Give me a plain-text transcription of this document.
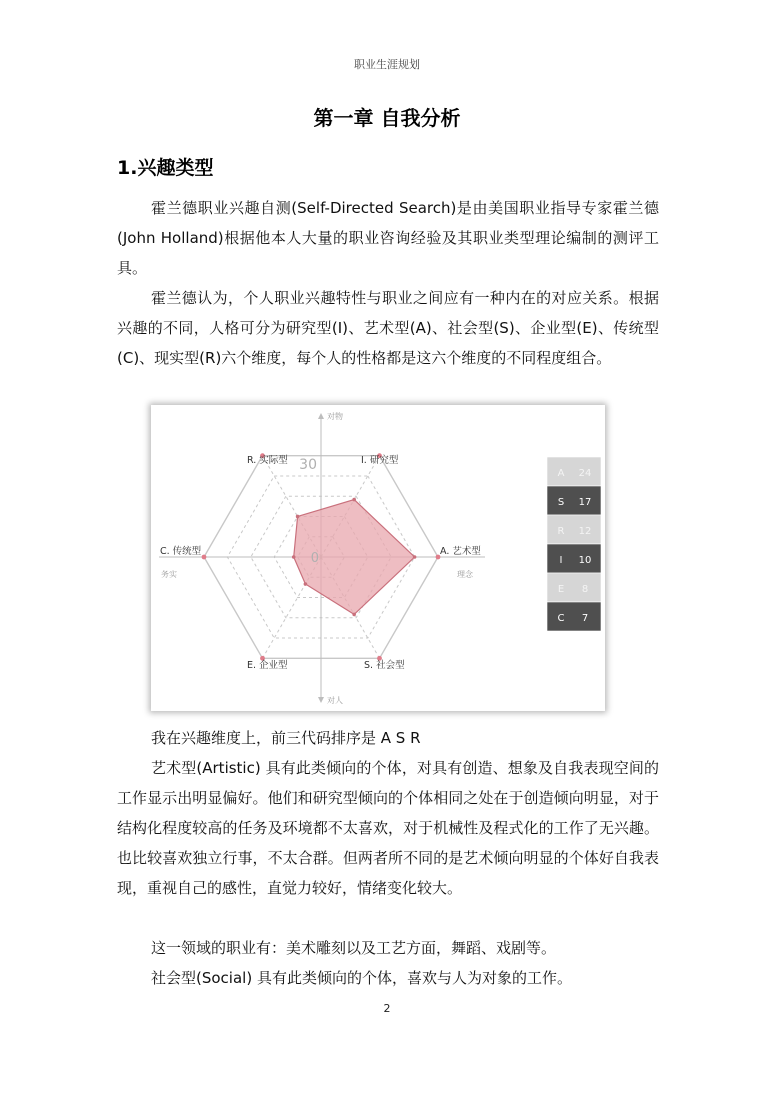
职业生涯规划
第一章 自我分析
1.兴趣类型
霍兰德职业兴趣自测(Self-Directed Search)是由美国职业指导专家霍兰德(John Holland)根据他本人大量的职业咨询经验及其职业类型理论编制的测评工具。
霍兰德认为，个人职业兴趣特性与职业之间应有一种内在的对应关系。根据兴趣的不同，人格可分为研究型(I)、艺术型(A)、社会型(S)、企业型(E)、传统型(C)、现实型(R)六个维度，每个人的性格都是这六个维度的不同程度组合。
对物
对人
务实	理念
30
0
I. 研究型
A. 艺术型
S. 社会型
E. 企业型
C. 传统型
R. 实际型
A 24
S 17
R 12
I 10
E 8
C 7
我在兴趣维度上，前三代码排序是 A S R
艺术型(Artistic) 具有此类倾向的个体，对具有创造、想象及自我表现空间的工作显示出明显偏好。他们和研究型倾向的个体相同之处在于创造倾向明显，对于结构化程度较高的任务及环境都不太喜欢，对于机械性及程式化的工作了无兴趣。也比较喜欢独立行事，不太合群。但两者所不同的是艺术倾向明显的个体好自我表现，重视自己的感性，直觉力较好，情绪变化较大。
这一领域的职业有：美术雕刻以及工艺方面，舞蹈、戏剧等。
社会型(Social) 具有此类倾向的个体，喜欢与人为对象的工作。
2
